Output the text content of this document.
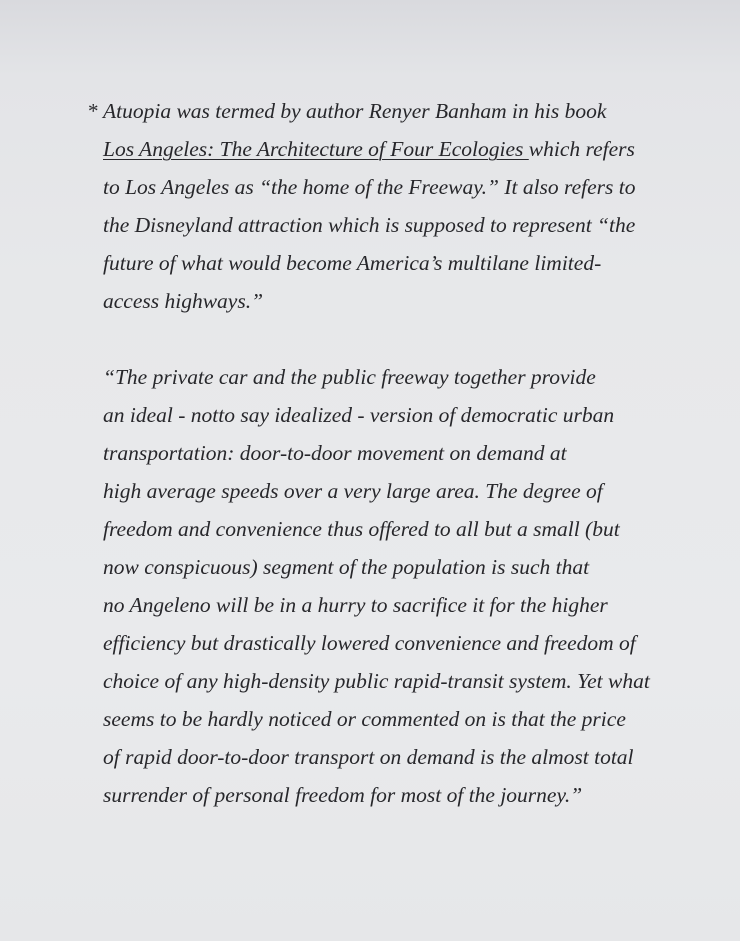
* Atuopia was termed by author Renyer Banham in his book
Los Angeles: The Architecture of Four Ecologies which refers
to Los Angeles as “the home of the Freeway.” It also refers to
the Disneyland attraction which is supposed to represent “the
future of what would become America’s multilane limited-
access highways.”
“The private car and the public freeway together provide
an ideal - notto say idealized - version of democratic urban
transportation: door-to-door movement on demand at
high average speeds over a very large area. The degree of
freedom and convenience thus offered to all but a small (but
now conspicuous) segment of the population is such that
no Angeleno will be in a hurry to sacrifice it for the higher
efficiency but drastically lowered convenience and freedom of
choice of any high-density public rapid-transit system. Yet what
seems to be hardly noticed or commented on is that the price
of rapid door-to-door transport on demand is the almost total
surrender of personal freedom for most of the journey.”
